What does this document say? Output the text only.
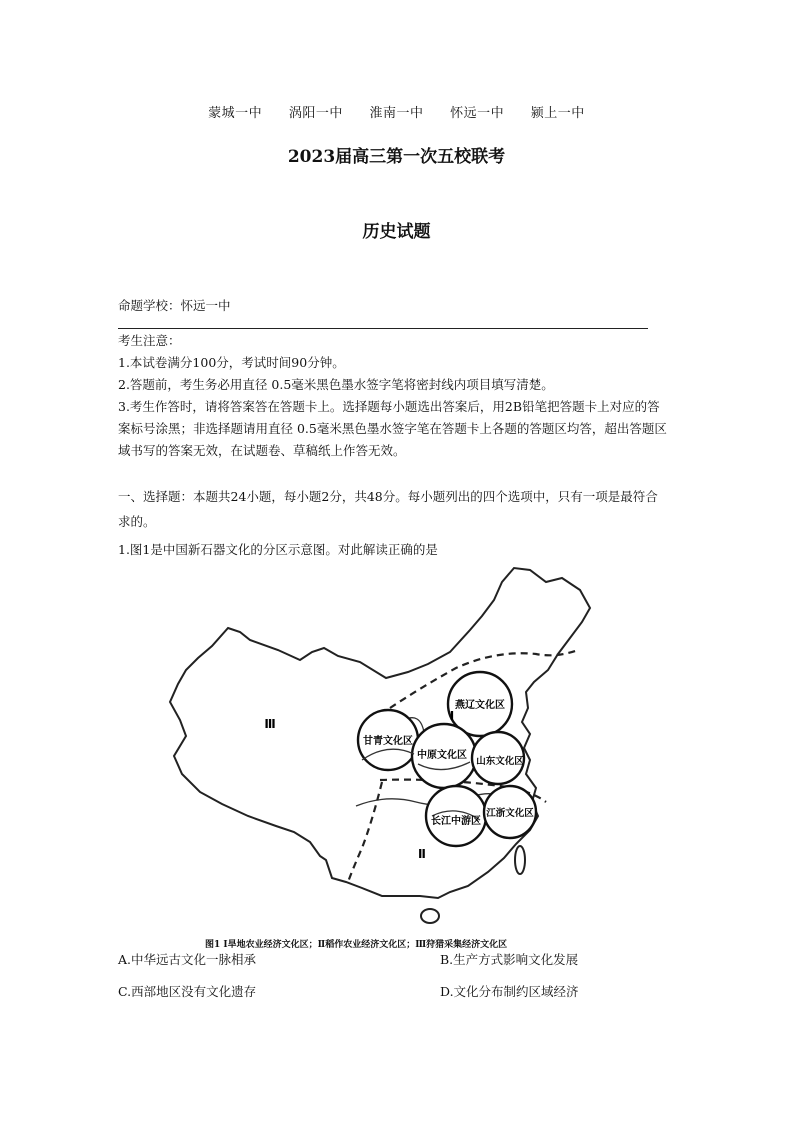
蒙城一中 涡阳一中 淮南一中 怀远一中 颍上一中
2023届高三第一次五校联考
历史试题
命题学校：怀远一中
考生注意：
1.本试卷满分100分，考试时间90分钟。
2.答题前，考生务必用直径 0.5毫米黑色墨水签字笔将密封线内项目填写清楚。
3.考生作答时，请将答案答在答题卡上。选择题每小题选出答案后，用2B铅笔把答题卡上对应的答案标号涂黑；非选择题请用直径 0.5毫米黑色墨水签字笔在答题卡上各题的答题区均答，超出答题区域书写的答案无效，在试题卷、草稿纸上作答无效。
一、选择题：本题共24小题，每小题2分，共48分。每小题列出的四个选项中，只有一项是最符合求的。
1.图1是中国新石器文化的分区示意图。对此解读正确的是
燕辽文化区
甘青文化区
中原文化区
山东文化区
长江中游区
江浙文化区
Ⅰ
Ⅱ
Ⅲ
图1 Ⅰ旱地农业经济文化区；Ⅱ稻作农业经济文化区；Ⅲ狩猎采集经济文化区
A.中华远古文化一脉相承	B.生产方式影响文化发展
C.西部地区没有文化遗存	D.文化分布制约区域经济
